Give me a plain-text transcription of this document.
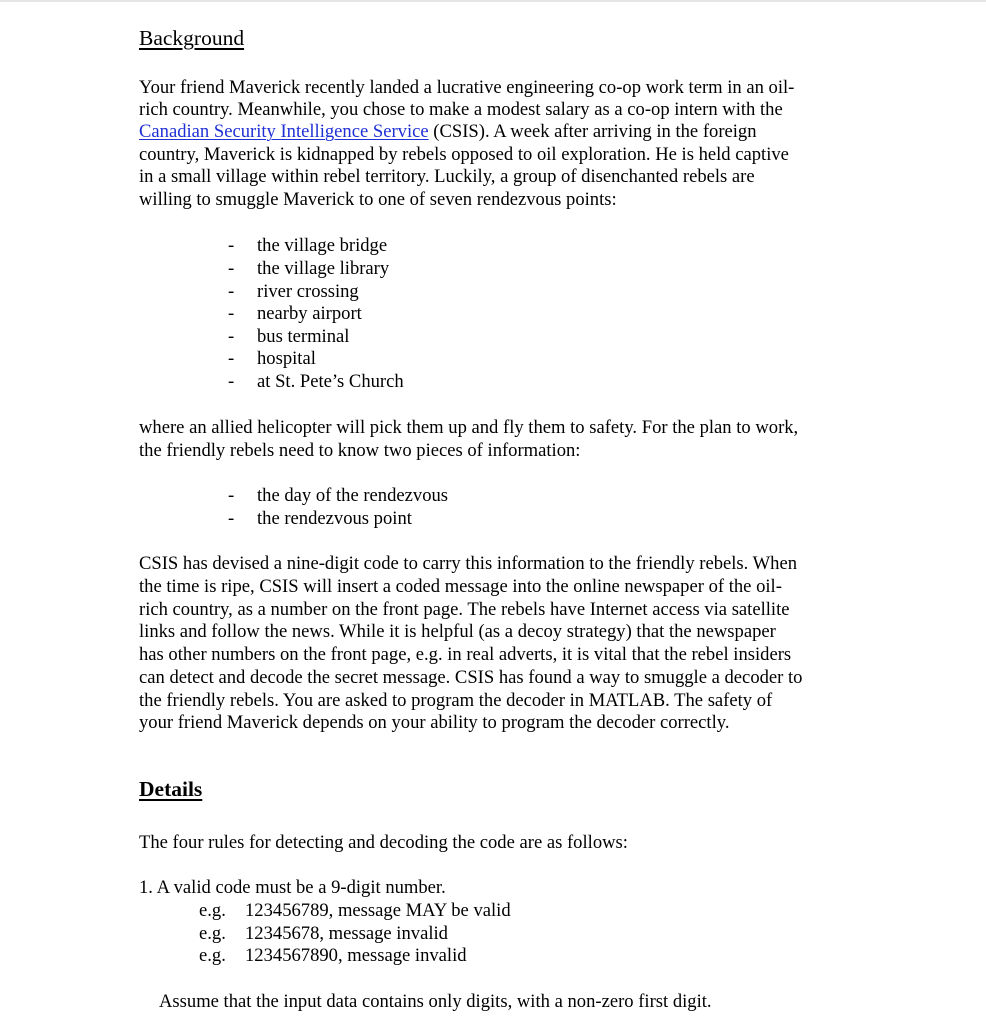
Background
Your friend Maverick recently landed a lucrative engineering co-op work term in an oil-
rich country. Meanwhile, you chose to make a modest salary as a co-op intern with the
Canadian Security Intelligence Service (CSIS). A week after arriving in the foreign
country, Maverick is kidnapped by rebels opposed to oil exploration. He is held captive
in a small village within rebel territory. Luckily, a group of disenchanted rebels are
willing to smuggle Maverick to one of seven rendezvous points:
- the village bridge
- the village library
- river crossing
- nearby airport
- bus terminal
- hospital
- at St. Pete’s Church
where an allied helicopter will pick them up and fly them to safety. For the plan to work,
the friendly rebels need to know two pieces of information:
- the day of the rendezvous
- the rendezvous point
CSIS has devised a nine-digit code to carry this information to the friendly rebels. When
the time is ripe, CSIS will insert a coded message into the online newspaper of the oil-
rich country, as a number on the front page. The rebels have Internet access via satellite
links and follow the news. While it is helpful (as a decoy strategy) that the newspaper
has other numbers on the front page, e.g. in real adverts, it is vital that the rebel insiders
can detect and decode the secret message. CSIS has found a way to smuggle a decoder to
the friendly rebels. You are asked to program the decoder in MATLAB. The safety of
your friend Maverick depends on your ability to program the decoder correctly.
Details
The four rules for detecting and decoding the code are as follows:
1. A valid code must be a 9-digit number.
e.g. 123456789, message MAY be valid
e.g. 12345678, message invalid
e.g. 1234567890, message invalid
Assume that the input data contains only digits, with a non-zero first digit.
